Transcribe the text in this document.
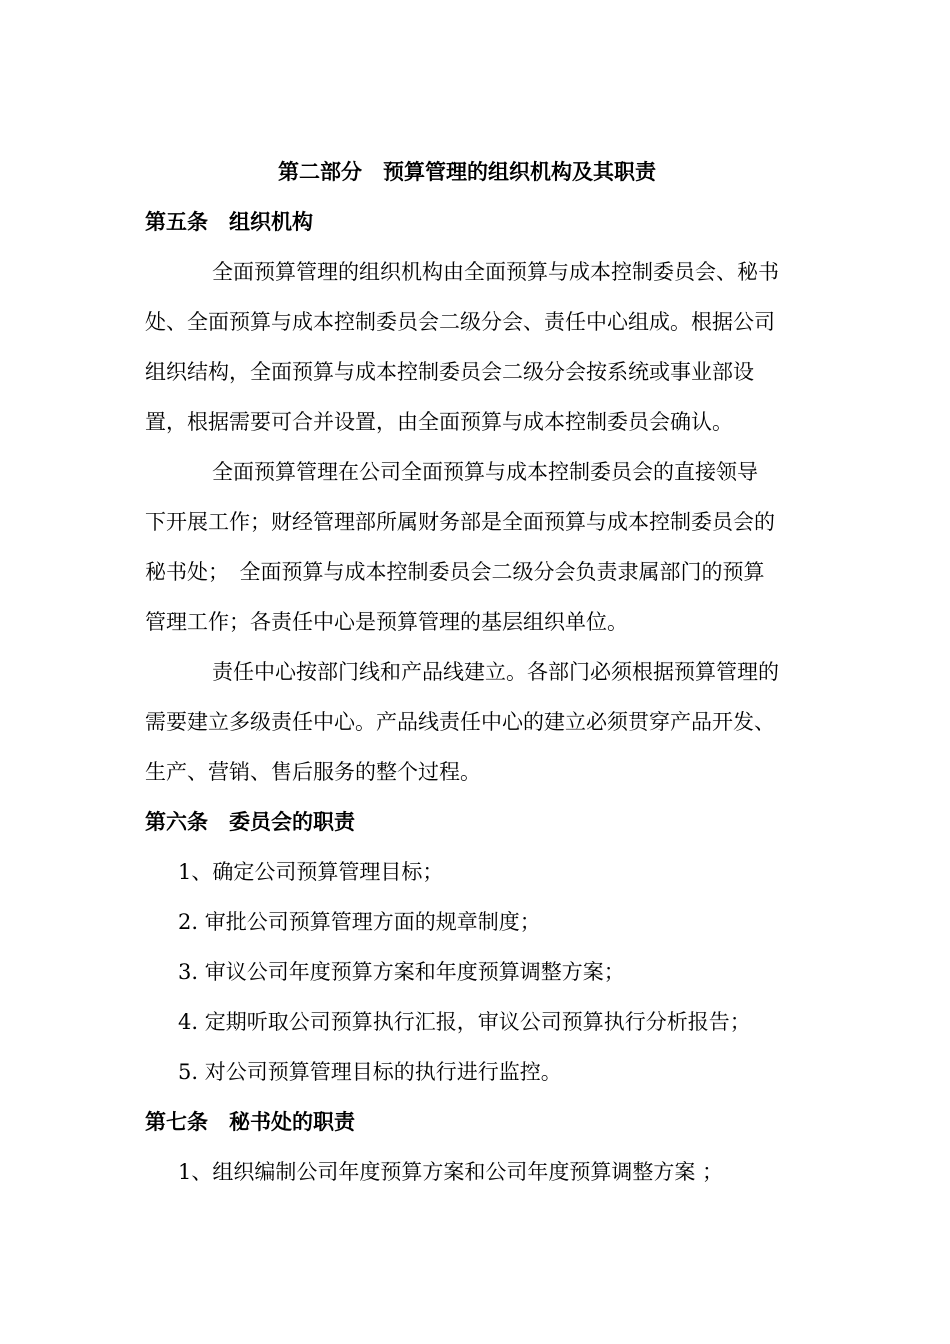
第二部分　预算管理的组织机构及其职责
第五条　组织机构
全面预算管理的组织机构由全面预算与成本控制委员会、秘书
处、全面预算与成本控制委员会二级分会、责任中心组成。根据公司
组织结构，全面预算与成本控制委员会二级分会按系统或事业部设
置，根据需要可合并设置，由全面预算与成本控制委员会确认。
全面预算管理在公司全面预算与成本控制委员会的直接领导
下开展工作；财经管理部所属财务部是全面预算与成本控制委员会的
秘书处；　全面预算与成本控制委员会二级分会负责隶属部门的预算
管理工作；各责任中心是预算管理的基层组织单位。
责任中心按部门线和产品线建立。各部门必须根据预算管理的
需要建立多级责任中心。产品线责任中心的建立必须贯穿产品开发、
生产、营销、售后服务的整个过程。
第六条　委员会的职责
1、确定公司预算管理目标；
2. 审批公司预算管理方面的规章制度；
3. 审议公司年度预算方案和年度预算调整方案；
4. 定期听取公司预算执行汇报，审议公司预算执行分析报告；
5. 对公司预算管理目标的执行进行监控。
第七条　秘书处的职责
1、组织编制公司年度预算方案和公司年度预算调整方案 ；
